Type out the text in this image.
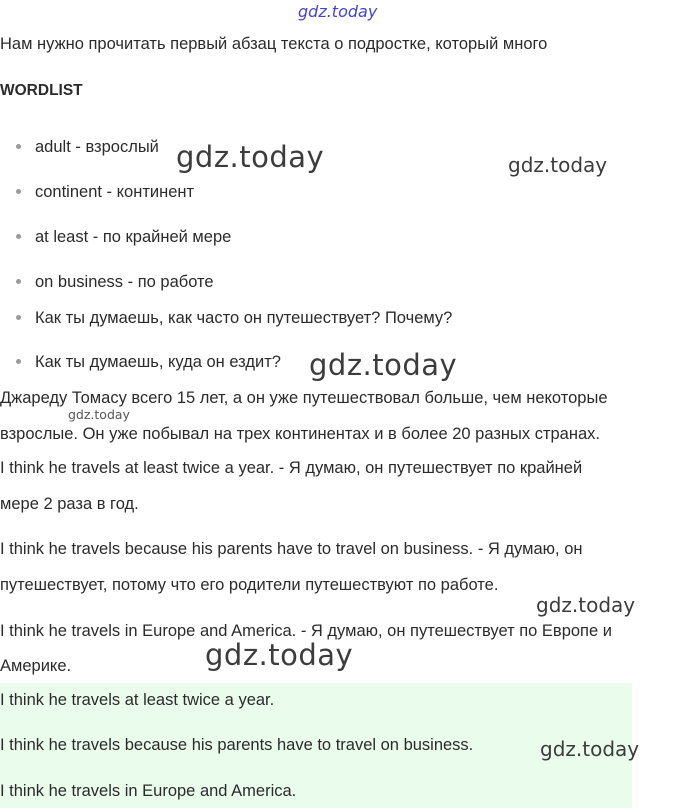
gdz.today
Нам нужно прочитать первый абзац текста о подростке, который много
WORDLIST
adult - взрослый
continent - континент
at least - по крайней мере
on business - по работе
Как ты думаешь, как часто он путешествует? Почему?
Как ты думаешь, куда он ездит?
Джареду Томасу всего 15 лет, а он уже путешествовал больше, чем некоторые
взрослые. Он уже побывал на трех континентах и в более 20 разных странах.
I think he travels at least twice a year. - Я думаю, он путешествует по крайней
мере 2 раза в год.
I think he travels because his parents have to travel on business. - Я думаю, он
путешествует, потому что его родители путешествуют по работе.
I think he travels in Europe and America. - Я думаю, он путешествует по Европе и
Америке.
I think he travels at least twice a year.
I think he travels because his parents have to travel on business.
I think he travels in Europe and America.
gdz.today	gdz.today
gdz.today
gdz.today
gdz.today
gdz.today
gdz.today
